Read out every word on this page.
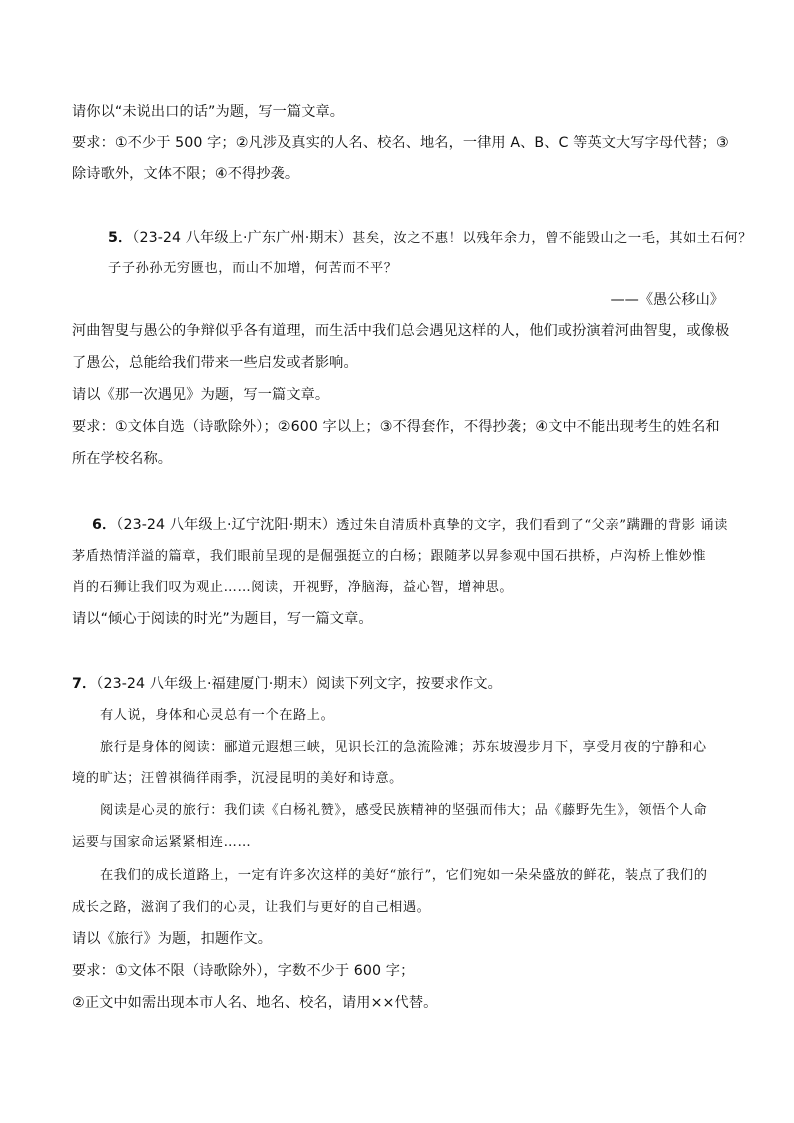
请你以“未说出口的话”为题，写一篇文章。
要求：①不少于 500 字；②凡涉及真实的人名、校名、地名，一律用 A、B、C 等英文大写字母代替；③
除诗歌外，文体不限；④不得抄袭。
5．（23-24 八年级上·广东广州·期末）甚矣，汝之不惠！以残年余力，曾不能毁山之一毛，其如土石何？
子子孙孙无穷匮也，而山不加增，何苦而不平？
——《愚公移山》
河曲智叟与愚公的争辩似乎各有道理，而生活中我们总会遇见这样的人，他们或扮演着河曲智叟，或像极
了愚公，总能给我们带来一些启发或者影响。
请以《那一次遇见》为题，写一篇文章。
要求：①文体自选（诗歌除外）；②600 字以上；③不得套作，不得抄袭；④文中不能出现考生的姓名和
所在学校名称。
6．（23-24 八年级上·辽宁沈阳·期末）透过朱自清质朴真挚的文字，我们看到了“父亲”蹒跚的背影 诵读
茅盾热情洋溢的篇章，我们眼前呈现的是倔强挺立的白杨；跟随茅以昇参观中国石拱桥，卢沟桥上惟妙惟
肖的石狮让我们叹为观止……阅读，开视野，净脑海，益心智，增神思。
请以“倾心于阅读的时光”为题目，写一篇文章。
7．（23-24 八年级上·福建厦门·期末）阅读下列文字，按要求作文。
有人说，身体和心灵总有一个在路上。
旅行是身体的阅读：郦道元遐想三峡，见识长江的急流险滩；苏东坡漫步月下，享受月夜的宁静和心
境的旷达；汪曾祺徜徉雨季，沉浸昆明的美好和诗意。
阅读是心灵的旅行：我们读《白杨礼赞》，感受民族精神的坚强而伟大；品《藤野先生》，领悟个人命
运要与国家命运紧紧相连……
在我们的成长道路上，一定有许多次这样的美好“旅行”，它们宛如一朵朵盛放的鲜花，装点了我们的
成长之路，滋润了我们的心灵，让我们与更好的自己相遇。
请以《旅行》为题，扣题作文。
要求：①文体不限（诗歌除外），字数不少于 600 字；
②正文中如需出现本市人名、地名、校名，请用××代替。
